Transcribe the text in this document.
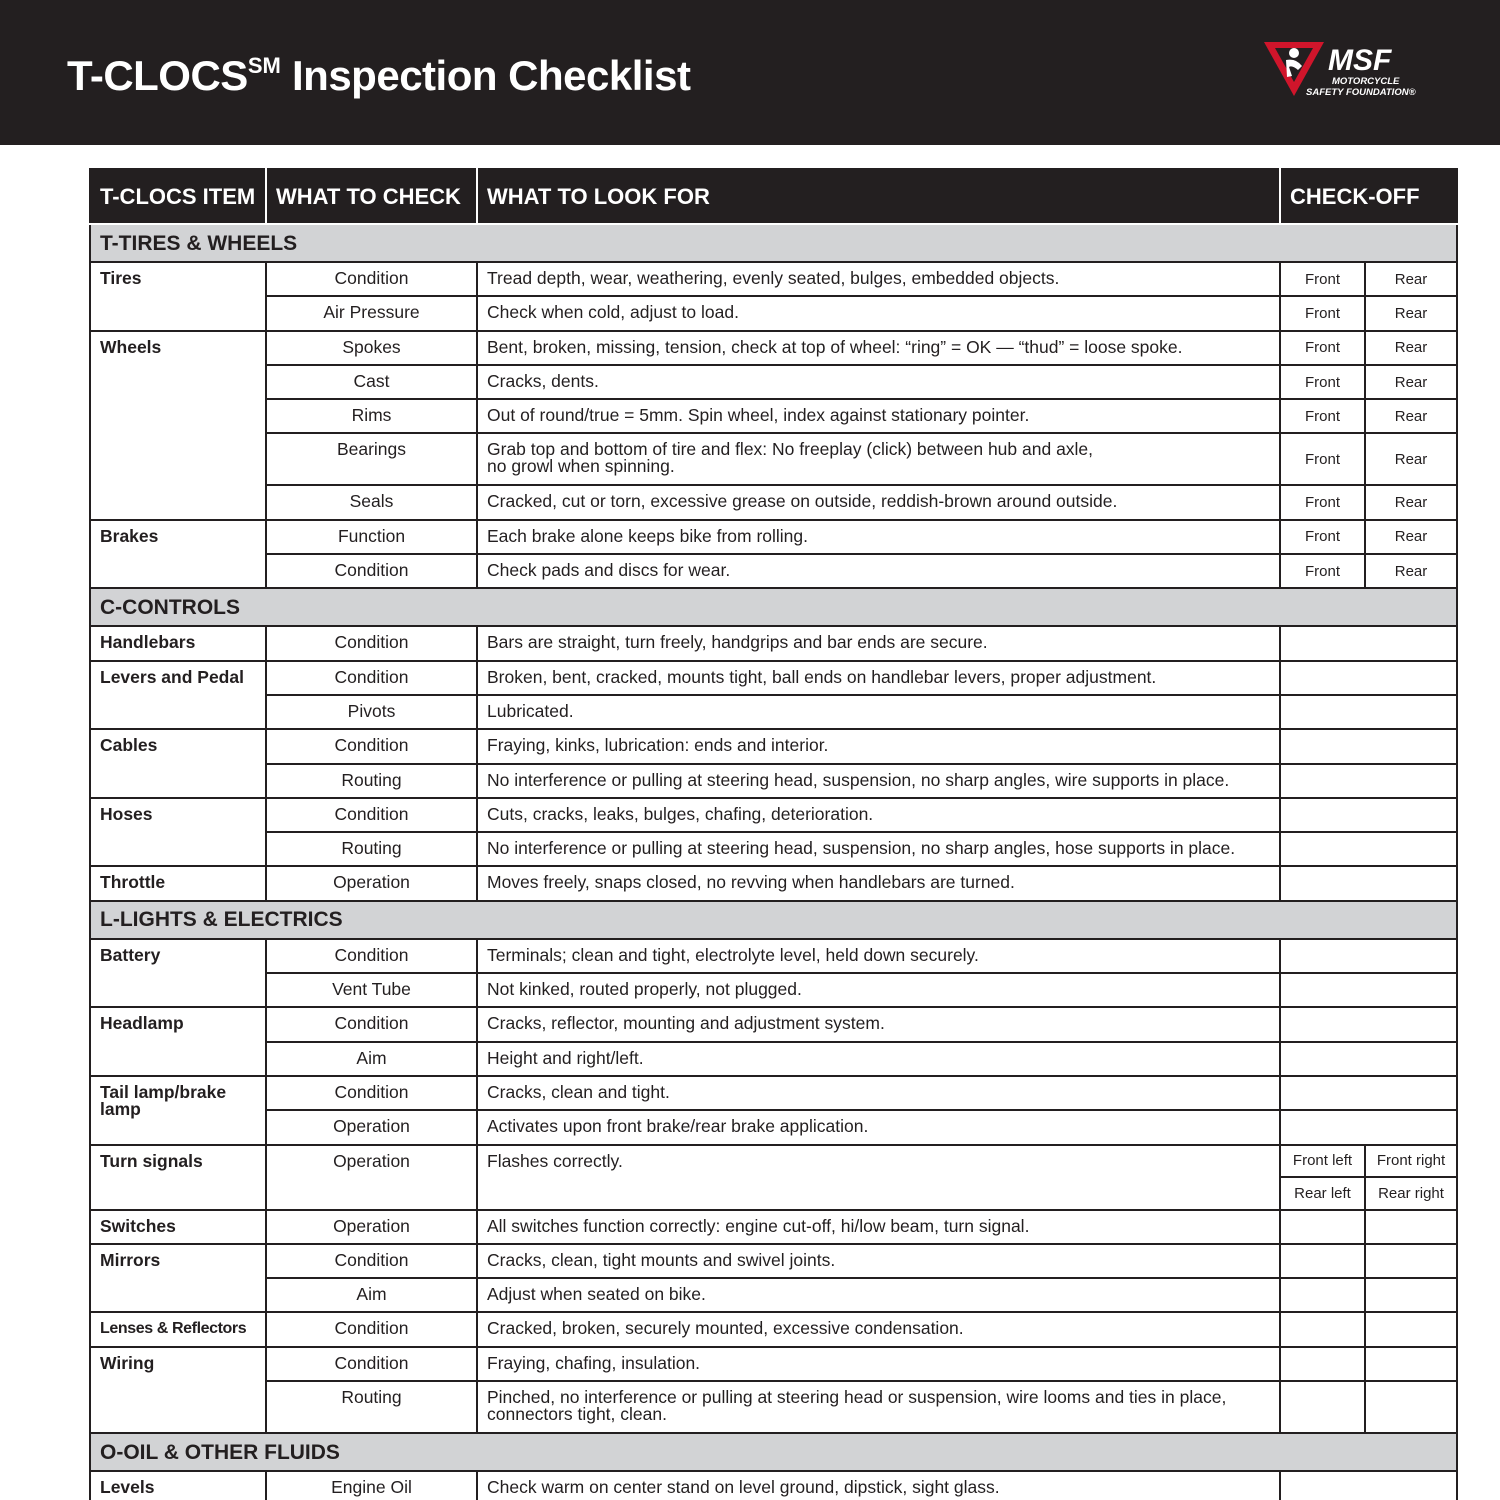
T-CLOCS℠ Inspection Checklist	MSF
MOTORCYCLE
SAFETY FOUNDATION®
T-CLOCS ITEM	WHAT TO CHECK	WHAT TO LOOK FOR	CHECK-OFF	
T-TIRES & WHEELS				
Tires	Condition	Tread depth, wear, weathering, evenly seated, bulges, embedded objects.	Front	Rear
	Air Pressure	Check when cold, adjust to load.	Front	Rear
Wheels	Spokes	Bent, broken, missing, tension, check at top of wheel: “ring” = OK — “thud” = loose spoke.	Front	Rear
	Cast	Cracks, dents.	Front	Rear
	Rims	Out of round/true = 5mm. Spin wheel, index against stationary pointer.	Front	Rear
	Bearings	Grab top and bottom of tire and flex: No freeplay (click) between hub and axle,
no growl when spinning.	Front	Rear
	Seals	Cracked, cut or torn, excessive grease on outside, reddish-brown around outside.	Front	Rear
Brakes	Function	Each brake alone keeps bike from rolling.	Front	Rear
	Condition	Check pads and discs for wear.	Front	Rear
C-CONTROLS				
Handlebars	Condition	Bars are straight, turn freely, handgrips and bar ends are secure.		
Levers and Pedal	Condition	Broken, bent, cracked, mounts tight, ball ends on handlebar levers, proper adjustment.		
	Pivots	Lubricated.		
Cables	Condition	Fraying, kinks, lubrication: ends and interior.		
	Routing	No interference or pulling at steering head, suspension, no sharp angles, wire supports in place.		
Hoses	Condition	Cuts, cracks, leaks, bulges, chafing, deterioration.		
	Routing	No interference or pulling at steering head, suspension, no sharp angles, hose supports in place.		
Throttle	Operation	Moves freely, snaps closed, no revving when handlebars are turned.		
L-LIGHTS & ELECTRICS				
Battery	Condition	Terminals; clean and tight, electrolyte level, held down securely.		
	Vent Tube	Not kinked, routed properly, not plugged.		
Headlamp	Condition	Cracks, reflector, mounting and adjustment system.		
	Aim	Height and right/left.		
Tail lamp/brake lamp	Condition	Cracks, clean and tight.		
	Operation	Activates upon front brake/rear brake application.		
Turn signals	Operation	Flashes correctly.	Front left	Front right
			Rear left	Rear right
Switches	Operation	All switches function correctly: engine cut-off, hi/low beam, turn signal.		
Mirrors	Condition	Cracks, clean, tight mounts and swivel joints.		
	Aim	Adjust when seated on bike.		
Lenses & Reflectors	Condition	Cracked, broken, securely mounted, excessive condensation.		
Wiring	Condition	Fraying, chafing, insulation.		
	Routing	Pinched, no interference or pulling at steering head or suspension, wire looms and ties in place,
connectors tight, clean.		

O-OIL & OTHER FLUIDS				
Levels	Engine Oil	Check warm on center stand on level ground, dipstick, sight glass.		
